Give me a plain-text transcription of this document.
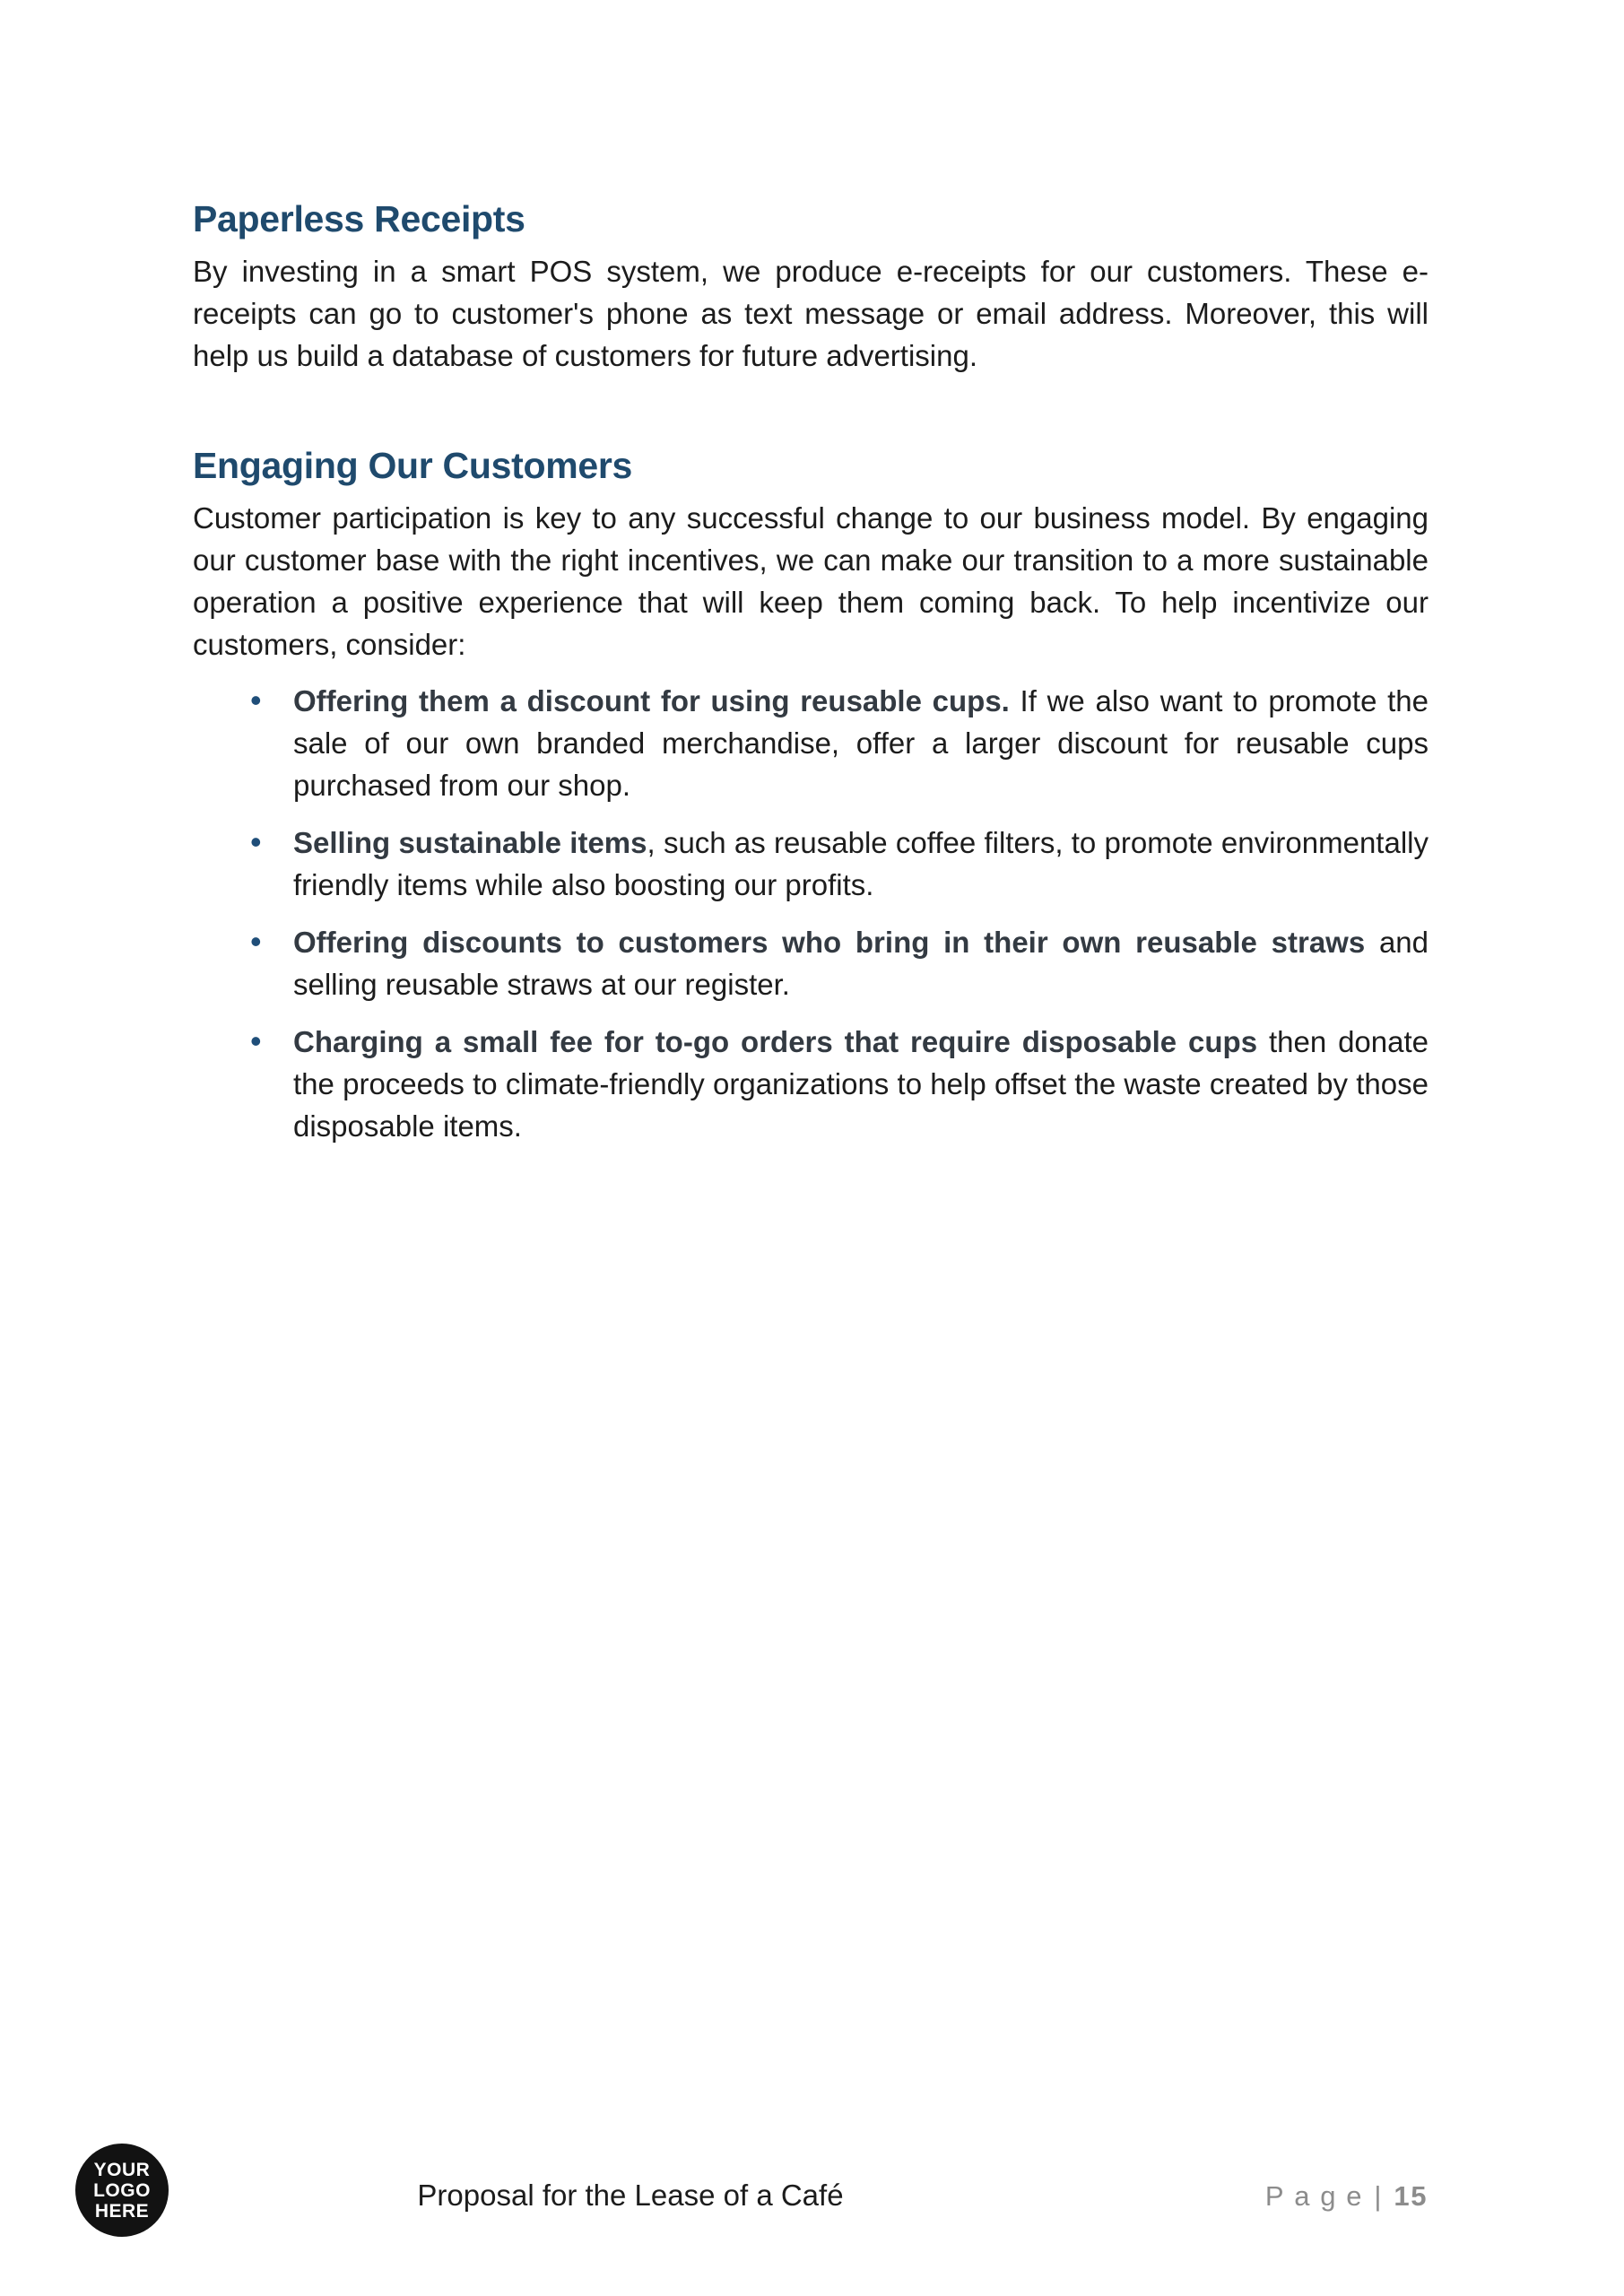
Paperless Receipts

By investing in a smart POS system, we produce e-receipts for our customers. These e-receipts can go to customer's phone as text message or email address. Moreover, this will help us build a database of customers for future advertising.

Engaging Our Customers

Customer participation is key to any successful change to our business model. By engaging our customer base with the right incentives, we can make our transition to a more sustainable operation a positive experience that will keep them coming back. To help incentivize our customers, consider:

• Offering them a discount for using reusable cups. If we also want to promote the sale of our own branded merchandise, offer a larger discount for reusable cups purchased from our shop.
• Selling sustainable items, such as reusable coffee filters, to promote environmentally friendly items while also boosting our profits.
• Offering discounts to customers who bring in their own reusable straws and selling reusable straws at our register.
• Charging a small fee for to-go orders that require disposable cups then donate the proceeds to climate-friendly organizations to help offset the waste created by those disposable items.
YOUR
LOGO
HERE	Proposal for the Lease of a Café	Page| 15
